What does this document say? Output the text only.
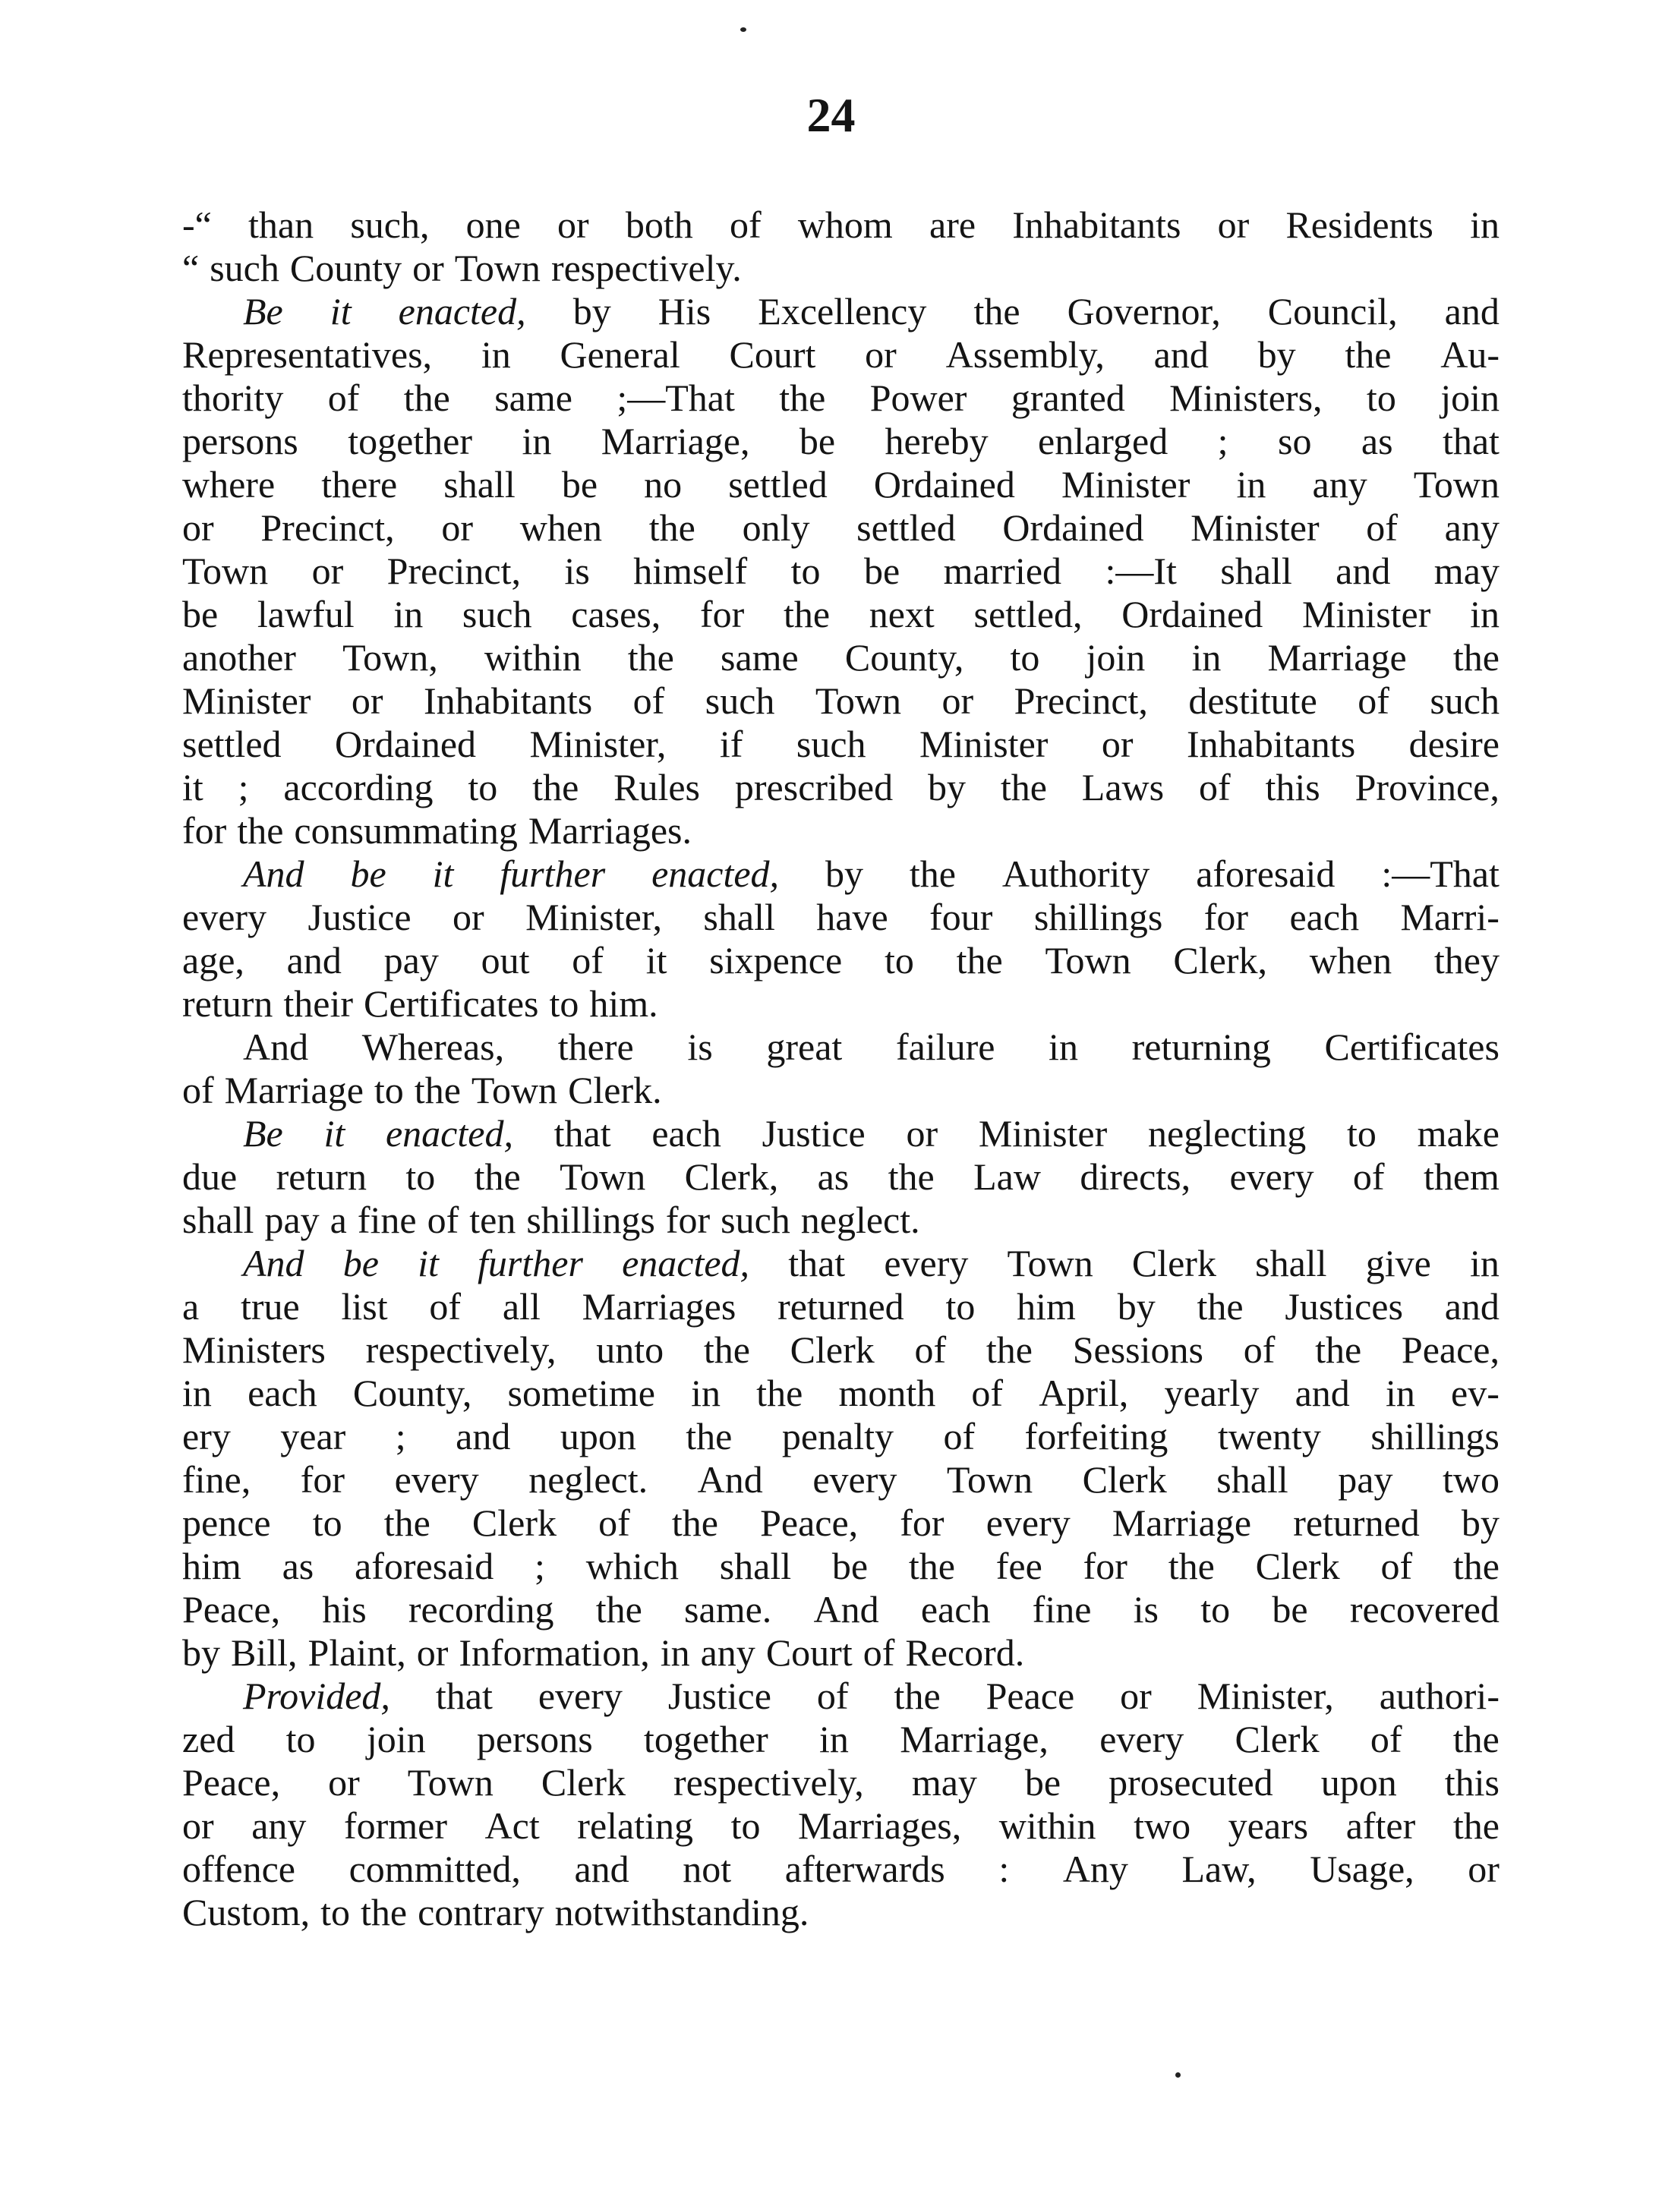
24
-“ than such, one or both of whom are Inhabitants or Residents in
“ such County or Town respectively.
Be it enacted, by His Excellency the Governor, Council, and
Representatives, in General Court or Assembly, and by the Au-
thority of the same ;—That the Power granted Ministers, to join
persons together in Marriage, be hereby enlarged ; so as that
where there shall be no settled Ordained Minister in any Town
or Precinct, or when the only settled Ordained Minister of any
Town or Precinct, is himself to be married :—It shall and may
be lawful in such cases, for the next settled, Ordained Minister in
another Town, within the same County, to join in Marriage the
Minister or Inhabitants of such Town or Precinct, destitute of such
settled Ordained Minister, if such Minister or Inhabitants desire
it ; according to the Rules prescribed by the Laws of this Province,
for the consummating Marriages.
And be it further enacted, by the Authority aforesaid :—That
every Justice or Minister, shall have four shillings for each Marri-
age, and pay out of it sixpence to the Town Clerk, when they
return their Certificates to him.
And Whereas, there is great failure in returning Certificates
of Marriage to the Town Clerk.
Be it enacted, that each Justice or Minister neglecting to make
due return to the Town Clerk, as the Law directs, every of them
shall pay a fine of ten shillings for such neglect.
And be it further enacted, that every Town Clerk shall give in
a true list of all Marriages returned to him by the Justices and
Ministers respectively, unto the Clerk of the Sessions of the Peace,
in each County, sometime in the month of April, yearly and in ev-
ery year ; and upon the penalty of forfeiting twenty shillings
fine, for every neglect. And every Town Clerk shall pay two
pence to the Clerk of the Peace, for every Marriage returned by
him as aforesaid ; which shall be the fee for the Clerk of the
Peace, his recording the same. And each fine is to be recovered
by Bill, Plaint, or Information, in any Court of Record.
Provided, that every Justice of the Peace or Minister, authori-
zed to join persons together in Marriage, every Clerk of the
Peace, or Town Clerk respectively, may be prosecuted upon this
or any former Act relating to Marriages, within two years after the
offence committed, and not afterwards : Any Law, Usage, or
Custom, to the contrary notwithstanding.
